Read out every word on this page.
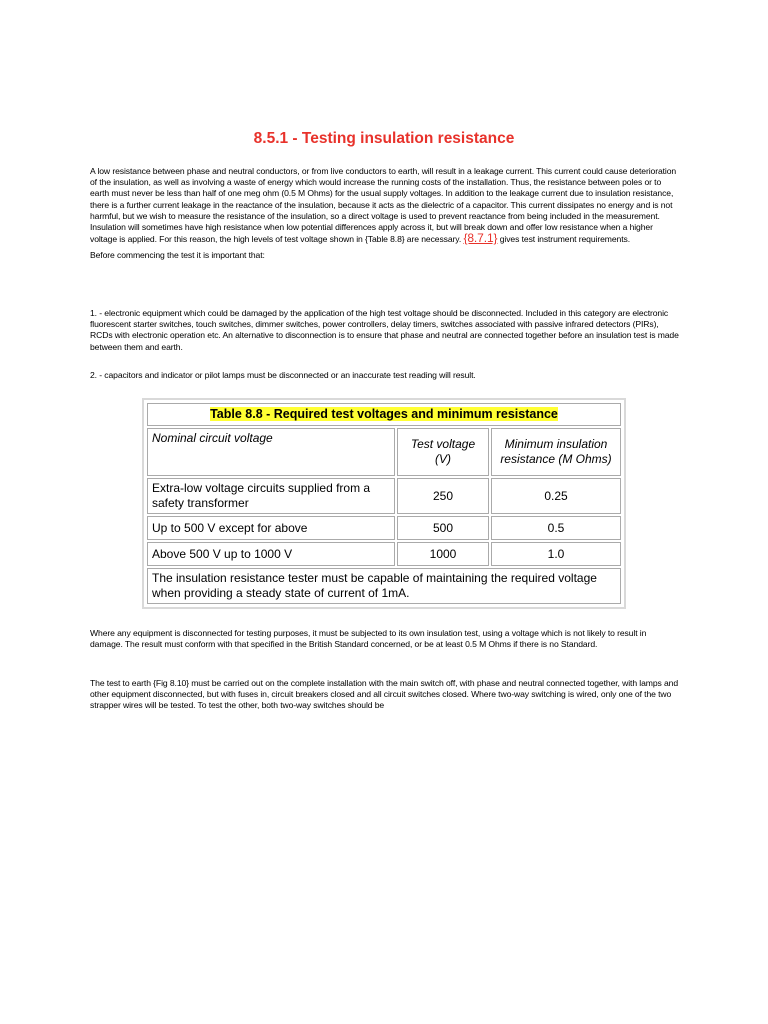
8.5.1 - Testing insulation resistance
A low resistance between phase and neutral conductors, or from live conductors to earth, will result in a leakage current. This current could cause deterioration of the insulation, as well as involving a waste of energy which would increase the running costs of the installation. Thus, the resistance between poles or to earth must never be less than half of one meg ohm (0.5 M Ohms) for the usual supply voltages. In addition to the leakage current due to insulation resistance, there is a further current leakage in the reactance of the insulation, because it acts as the dielectric of a capacitor. This current dissipates no energy and is not harmful, but we wish to measure the resistance of the insulation, so a direct voltage is used to prevent reactance from being included in the measurement. Insulation will sometimes have high resistance when low potential differences apply across it, but will break down and offer low resistance when a higher voltage is applied. For this reason, the high levels of test voltage shown in {Table 8.8} are necessary. {8.7.1} gives test instrument requirements.
Before commencing the test it is important that:
1. - electronic equipment which could be damaged by the application of the high test voltage should be disconnected. Included in this category are electronic fluorescent starter switches, touch switches, dimmer switches, power controllers, delay timers, switches associated with passive infrared detectors (PIRs), RCDs with electronic operation etc. An alternative to disconnection is to ensure that phase and neutral are connected together before an insulation test is made between them and earth.
2. - capacitors and indicator or pilot lamps must be disconnected or an inaccurate test reading will result.
Table 8.8 - Required test voltages and minimum resistance		
Nominal circuit voltage	Test voltage (V)	Minimum insulation resistance (M Ohms)
Extra-low voltage circuits supplied from a safety transformer	250	0.25
Up to 500 V except for above	500	0.5
Above 500 V up to 1000 V	1000	1.0
The insulation resistance tester must be capable of maintaining the required voltage when providing a steady state of current of 1mA.		
Where any equipment is disconnected for testing purposes, it must be subjected to its own insulation test, using a voltage which is not likely to result in damage. The result must conform with that specified in the British Standard concerned, or be at least 0.5 M Ohms if there is no Standard.
The test to earth {Fig 8.10} must be carried out on the complete installation with the main switch off, with phase and neutral connected together, with lamps and other equipment disconnected, but with fuses in, circuit breakers closed and all circuit switches closed. Where two-way switching is wired, only one of the two strapper wires will be tested. To test the other, both two-way switches should be
